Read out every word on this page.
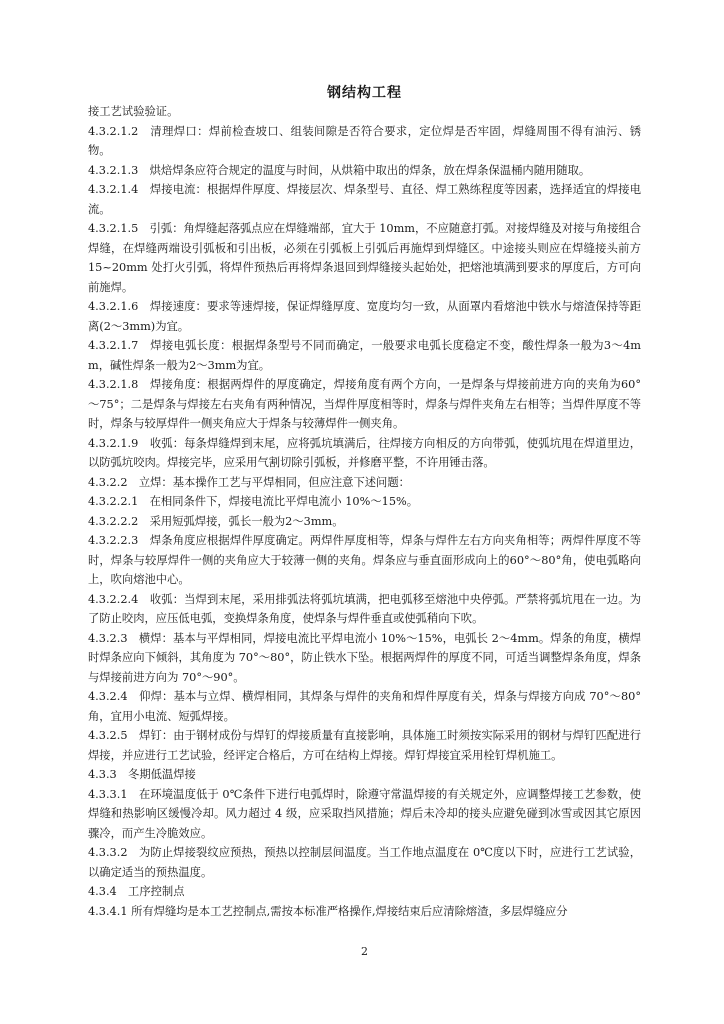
钢结构工程

接工艺试验验证。

4.3.2.1.2　清理焊口：焊前检查坡口、组装间隙是否符合要求，定位焊是否牢固，焊缝周围不得有油污、锈物。

4.3.2.1.3　烘焙焊条应符合规定的温度与时间，从烘箱中取出的焊条，放在焊条保温桶内随用随取。

4.3.2.1.4　焊接电流：根据焊件厚度、焊接层次、焊条型号、直径、焊工熟练程度等因素，选择适宜的焊接电流。

4.3.2.1.5　引弧：角焊缝起落弧点应在焊缝端部，宜大于 10mm，不应随意打弧。对接焊缝及对接与角接组合焊缝，在焊缝两端设引弧板和引出板，必须在引弧板上引弧后再施焊到焊缝区。中途接头则应在焊缝接头前方 15~20mm 处打火引弧，将焊件预热后再将焊条退回到焊缝接头起始处，把熔池填满到要求的厚度后，方可向前施焊。

4.3.2.1.6　焊接速度：要求等速焊接，保证焊缝厚度、宽度均匀一致，从面罩内看熔池中铁水与熔渣保持等距离(2～3mm)为宜。

4.3.2.1.7　焊接电弧长度：根据焊条型号不同而确定，一般要求电弧长度稳定不变，酸性焊条一般为3～4mm，碱性焊条一般为2～3mm为宜。

4.3.2.1.8　焊接角度：根据两焊件的厚度确定，焊接角度有两个方向，一是焊条与焊接前进方向的夹角为60°～75°；二是焊条与焊接左右夹角有两种情况，当焊件厚度相等时，焊条与焊件夹角左右相等；当焊件厚度不等时，焊条与较厚焊件一侧夹角应大于焊条与较薄焊件一侧夹角。

4.3.2.1.9　收弧：每条焊缝焊到末尾，应将弧坑填满后，往焊接方向相反的方向带弧，使弧坑甩在焊道里边，以防弧坑咬肉。焊接完毕，应采用气割切除引弧板，并修磨平整，不许用锤击落。

4.3.2.2　立焊：基本操作工艺与平焊相同，但应注意下述问题：

4.3.2.2.1　在相同条件下，焊接电流比平焊电流小 10%～15%。

4.3.2.2.2　采用短弧焊接，弧长一般为2～3mm。

4.3.2.2.3　焊条角度应根据焊件厚度确定。两焊件厚度相等，焊条与焊件左右方向夹角相等；两焊件厚度不等时，焊条与较厚焊件一侧的夹角应大于较薄一侧的夹角。焊条应与垂直面形成向上的60°～80°角，使电弧略向上，吹向熔池中心。

4.3.2.2.4　收弧：当焊到末尾，采用排弧法将弧坑填满，把电弧移至熔池中央停弧。严禁将弧坑甩在一边。为了防止咬肉，应压低电弧，变换焊条角度，使焊条与焊件垂直或使弧稍向下吹。

4.3.2.3　横焊：基本与平焊相同，焊接电流比平焊电流小 10%～15%，电弧长 2～4mm。焊条的角度，横焊时焊条应向下倾斜，其角度为 70°～80°，防止铁水下坠。根据两焊件的厚度不同，可适当调整焊条角度，焊条与焊接前进方向为 70°～90°。

4.3.2.4　仰焊：基本与立焊、横焊相同，其焊条与焊件的夹角和焊件厚度有关，焊条与焊接方向成 70°～80°角，宜用小电流、短弧焊接。

4.3.2.5　焊钉：由于钢材成份与焊钉的焊接质量有直接影响，具体施工时须按实际采用的钢材与焊钉匹配进行焊接，并应进行工艺试验，经评定合格后，方可在结构上焊接。焊钉焊接宜采用栓钉焊机施工。

4.3.3　冬期低温焊接

4.3.3.1　在环境温度低于 0℃条件下进行电弧焊时，除遵守常温焊接的有关规定外，应调整焊接工艺参数，使焊缝和热影响区缓慢冷却。风力超过 4 级，应采取挡风措施；焊后未冷却的接头应避免碰到冰雪或因其它原因骤冷，而产生冷脆效应。

4.3.3.2　为防止焊接裂纹应预热，预热以控制层间温度。当工作地点温度在 0℃度以下时，应进行工艺试验，以确定适当的预热温度。

4.3.4　工序控制点

4.3.4.1 所有焊缝均是本工艺控制点,需按本标准严格操作,焊接结束后应清除熔渣，多层焊缝应分

2
